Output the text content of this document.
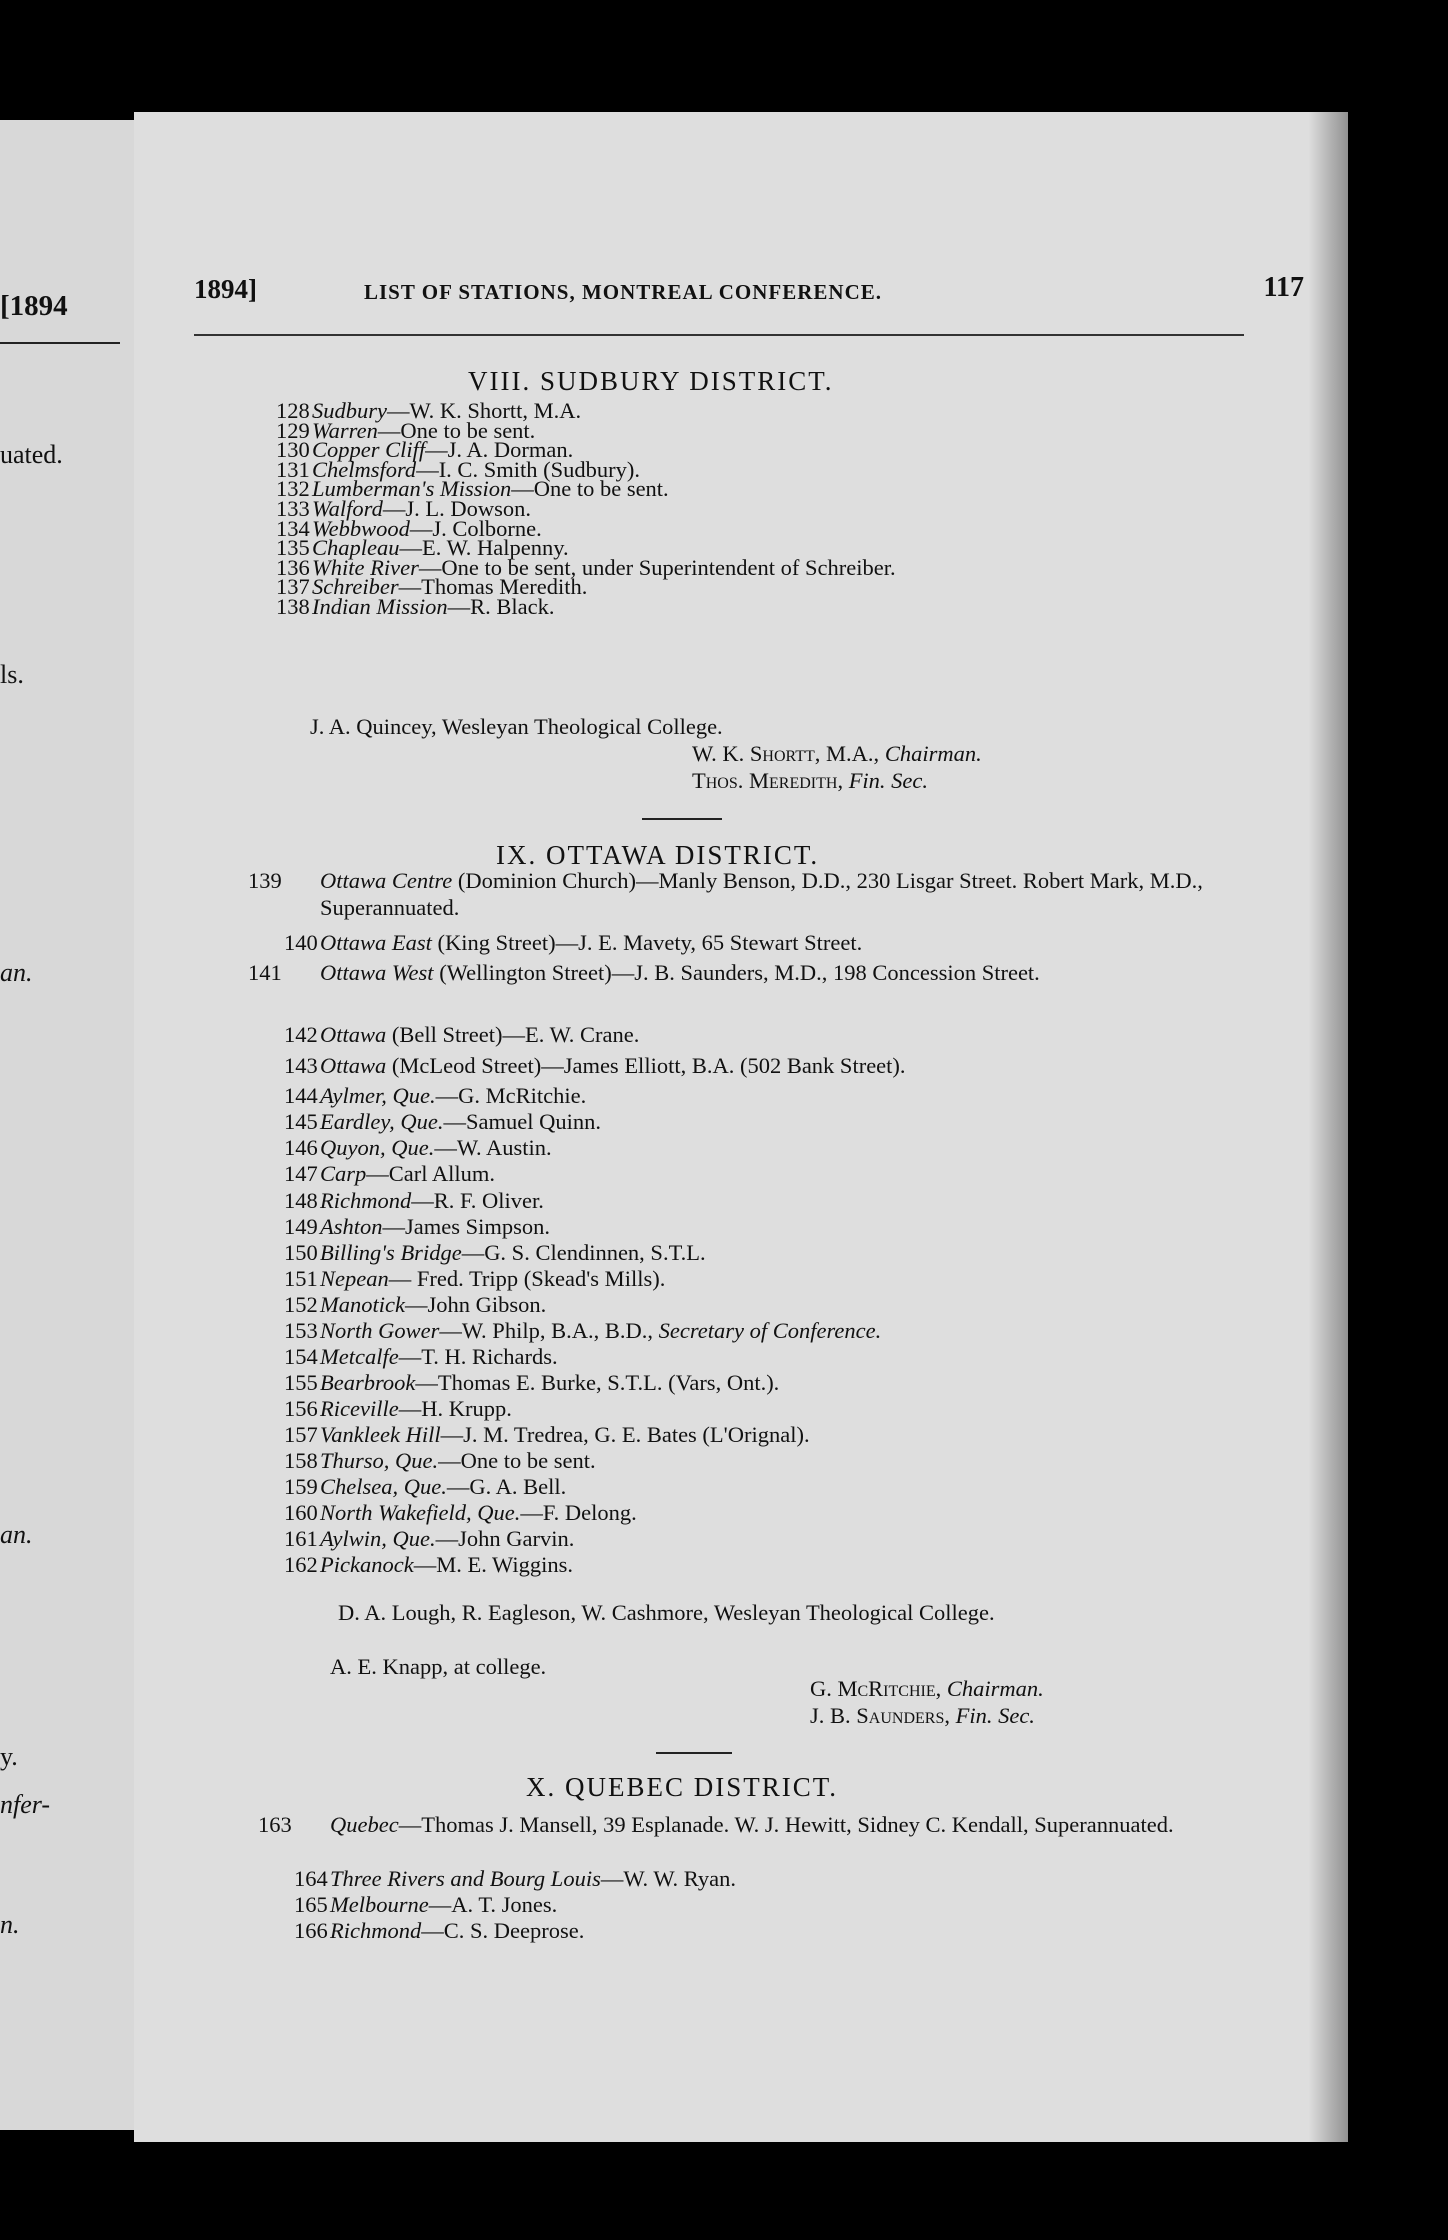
[1894
uated.
ls.
an.
an.
y.
nfer-
n.
1894]	LIST OF STATIONS, MONTREAL CONFERENCE.	117
VIII. SUDBURY DISTRICT.
128 Sudbury—W. K. Shortt, M.A.
129 Warren—One to be sent.
130 Copper Cliff—J. A. Dorman.
131 Chelmsford—I. C. Smith (Sudbury).
132 Lumberman's Mission—One to be sent.
133 Walford—J. L. Dowson.
134 Webbwood—J. Colborne.
135 Chapleau—E. W. Halpenny.
136 White River—One to be sent, under Superintendent of Schreiber.
137 Schreiber—Thomas Meredith.
138 Indian Mission—R. Black.
J. A. Quincey, Wesleyan Theological College.
W. K. Shortt, M.A., Chairman.
Thos. Meredith, Fin. Sec.
IX. OTTAWA DISTRICT.
139 Ottawa Centre (Dominion Church)—Manly Benson, D.D., 230 Lisgar Street. Robert Mark, M.D., Superannuated.
140 Ottawa East (King Street)—J. E. Mavety, 65 Stewart Street.
141 Ottawa West (Wellington Street)—J. B. Saunders, M.D., 198 Concession Street.
142 Ottawa (Bell Street)—E. W. Crane.
143 Ottawa (McLeod Street)—James Elliott, B.A. (502 Bank Street).
144 Aylmer, Que.—G. McRitchie.
145 Eardley, Que.—Samuel Quinn.
146 Quyon, Que.—W. Austin.
147 Carp—Carl Allum.
148 Richmond—R. F. Oliver.
149 Ashton—James Simpson.
150 Billing's Bridge—G. S. Clendinnen, S.T.L.
151 Nepean— Fred. Tripp (Skead's Mills).
152 Manotick—John Gibson.
153 North Gower—W. Philp, B.A., B.D., Secretary of Conference.
154 Metcalfe—T. H. Richards.
155 Bearbrook—Thomas E. Burke, S.T.L. (Vars, Ont.).
156 Riceville—H. Krupp.
157 Vankleek Hill—J. M. Tredrea, G. E. Bates (L'Orignal).
158 Thurso, Que.—One to be sent.
159 Chelsea, Que.—G. A. Bell.
160 North Wakefield, Que.—F. Delong.
161 Aylwin, Que.—John Garvin.
162 Pickanock—M. E. Wiggins.
D. A. Lough, R. Eagleson, W. Cashmore, Wesleyan Theological College.
A. E. Knapp, at college.
G. McRitchie, Chairman.
J. B. Saunders, Fin. Sec.
X. QUEBEC DISTRICT.
163 Quebec—Thomas J. Mansell, 39 Esplanade. W. J. Hewitt, Sidney C. Kendall, Superannuated.
164 Three Rivers and Bourg Louis—W. W. Ryan.
165 Melbourne—A. T. Jones.
166 Richmond—C. S. Deeprose.
